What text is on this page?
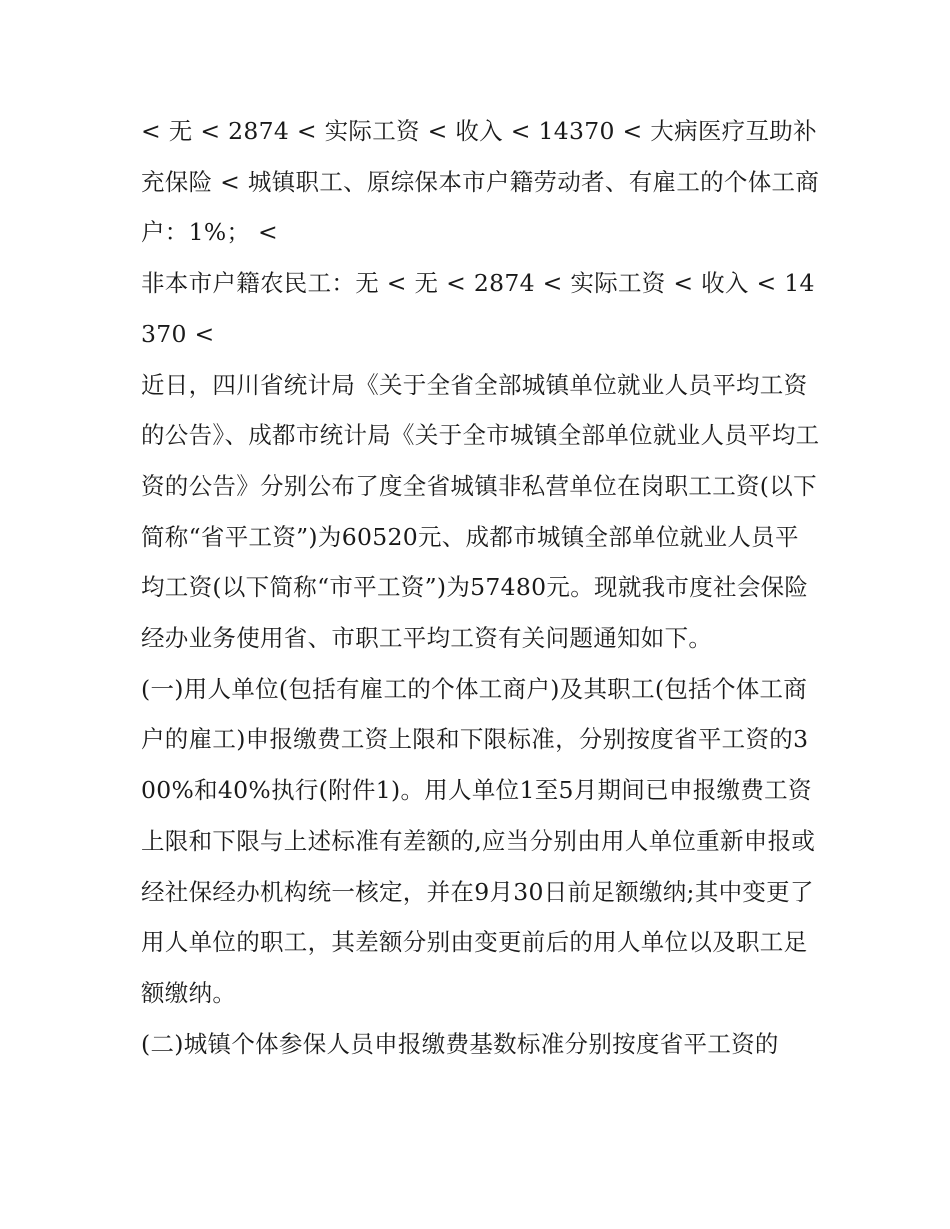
< 无 < 2874 < 实际工资 < 收入 < 14370 < 大病医疗互助补充保险 < 城镇职工、原综保本市户籍劳动者、有雇工的个体工商户：1%； <

非本市户籍农民工：无 < 无 < 2874 < 实际工资 < 收入 < 14370 <

近日，四川省统计局《关于全省全部城镇单位就业人员平均工资的公告》、成都市统计局《关于全市城镇全部单位就业人员平均工资的公告》分别公布了度全省城镇非私营单位在岗职工工资(以下简称“省平工资”)为60520元、成都市城镇全部单位就业人员平均工资(以下简称“市平工资”)为57480元。现就我市度社会保险经办业务使用省、市职工平均工资有关问题通知如下。

(一)用人单位(包括有雇工的个体工商户)及其职工(包括个体工商户的雇工)申报缴费工资上限和下限标准，分别按度省平工资的300%和40%执行(附件1)。用人单位1至5月期间已申报缴费工资上限和下限与上述标准有差额的,应当分别由用人单位重新申报或经社保经办机构统一核定，并在9月30日前足额缴纳;其中变更了用人单位的职工，其差额分别由变更前后的用人单位以及职工足额缴纳。

(二)城镇个体参保人员申报缴费基数标准分别按度省平工资的
